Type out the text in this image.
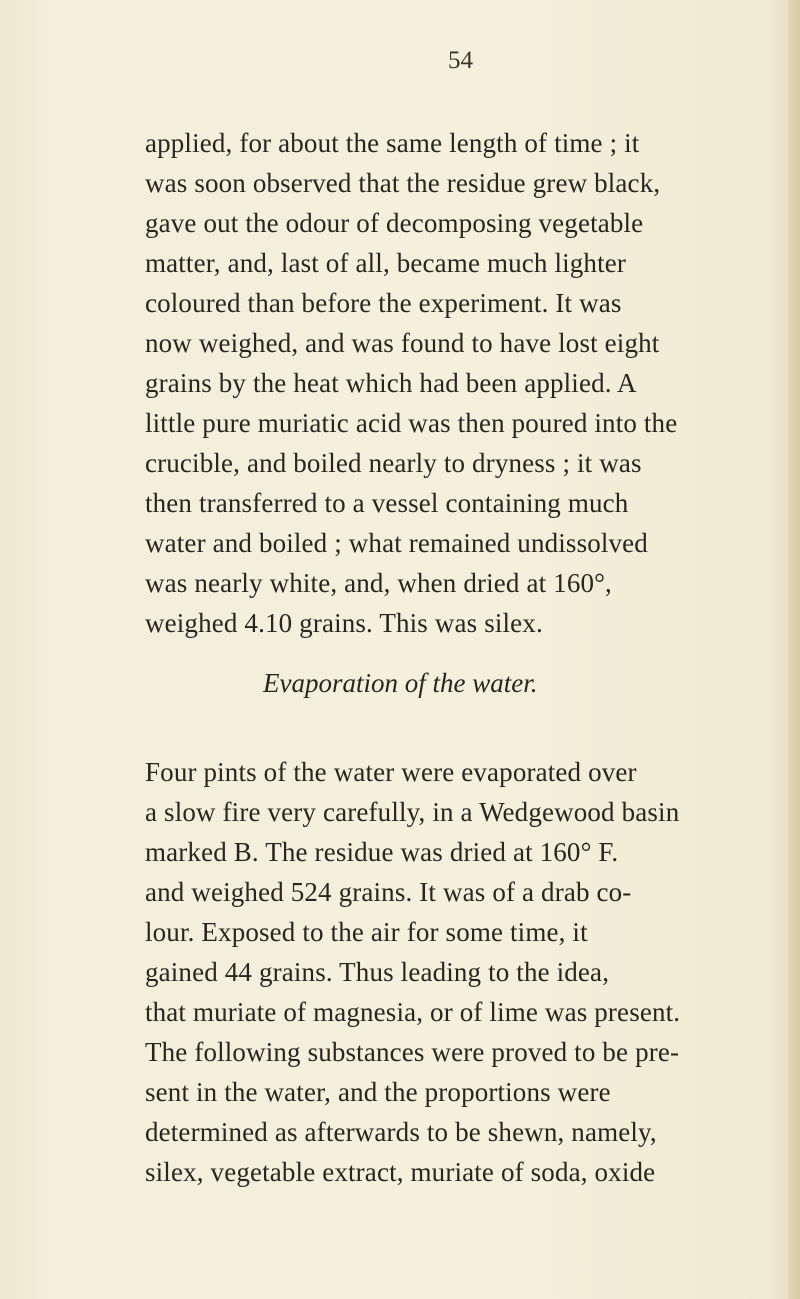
54
applied, for about the same length of time ; it
was soon observed that the residue grew black,
gave out the odour of decomposing vegetable
matter, and, last of all, became much lighter
coloured than before the experiment. It was
now weighed, and was found to have lost eight
grains by the heat which had been applied. A
little pure muriatic acid was then poured into the
crucible, and boiled nearly to dryness ; it was
then transferred to a vessel containing much
water and boiled ; what remained undissolved
was nearly white, and, when dried at 160°,
weighed 4.10 grains. This was silex.
Evaporation of the water.
Four pints of the water were evaporated over
a slow fire very carefully, in a Wedgewood basin
marked B. The residue was dried at 160° F.
and weighed 524 grains. It was of a drab co-
lour. Exposed to the air for some time, it
gained 44 grains. Thus leading to the idea,
that muriate of magnesia, or of lime was present.
The following substances were proved to be pre-
sent in the water, and the proportions were
determined as afterwards to be shewn, namely,
silex, vegetable extract, muriate of soda, oxide
